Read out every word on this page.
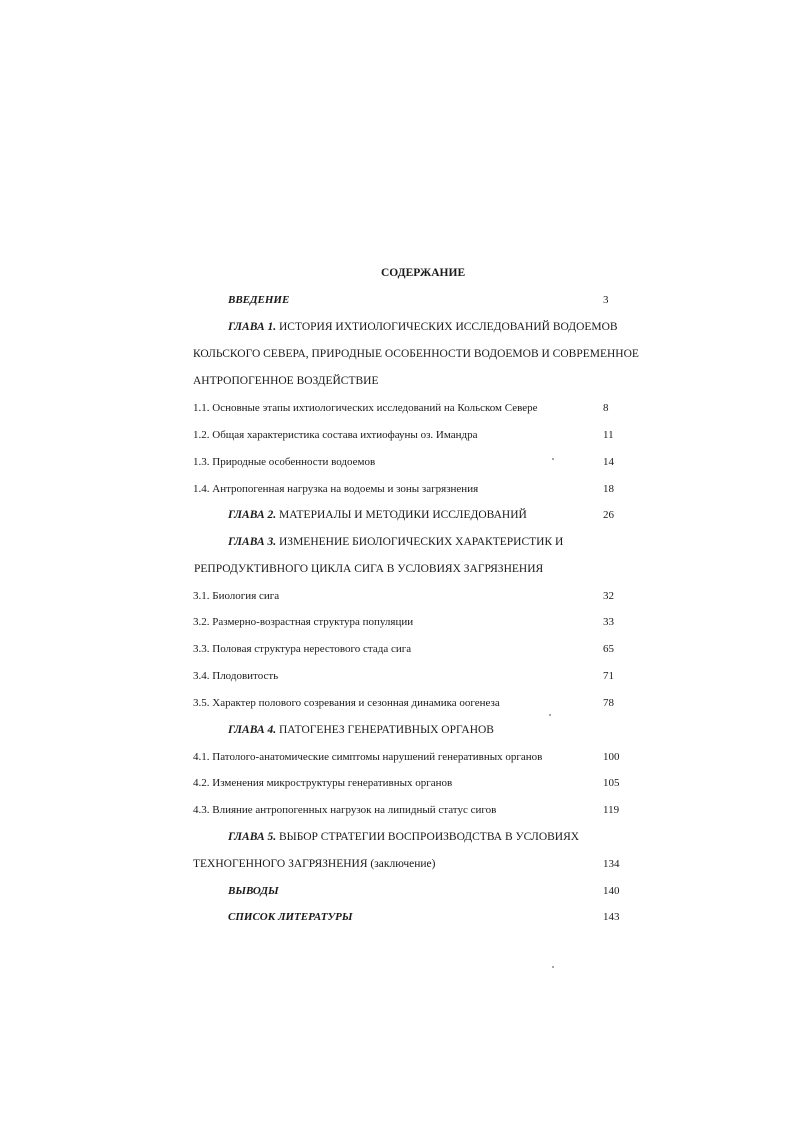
СОДЕРЖАНИЕ
ВВЕДЕНИЕ	3
ГЛАВА 1. ИСТОРИЯ ИХТИОЛОГИЧЕСКИХ ИССЛЕДОВАНИЙ ВОДОЕМОВ
КОЛЬСКОГО СЕВЕРА, ПРИРОДНЫЕ ОСОБЕННОСТИ ВОДОЕМОВ И СОВРЕМЕННОЕ
АНТРОПОГЕННОЕ ВОЗДЕЙСТВИЕ
1.1. Основные этапы ихтиологических исследований на Кольском Севере	8
1.2. Общая характеристика состава ихтиофауны оз. Имандра	11
1.3. Природные особенности водоемов	14
1.4. Антропогенная нагрузка на водоемы и зоны загрязнения	18
ГЛАВА 2. МАТЕРИАЛЫ И МЕТОДИКИ ИССЛЕДОВАНИЙ	26
ГЛАВА 3. ИЗМЕНЕНИЕ БИОЛОГИЧЕСКИХ ХАРАКТЕРИСТИК И
РЕПРОДУКТИВНОГО ЦИКЛА СИГА В УСЛОВИЯХ ЗАГРЯЗНЕНИЯ
3.1. Биология сига	32
3.2. Размерно-возрастная структура популяции	33
3.3. Половая структура нерестового стада сига	65
3.4. Плодовитость	71
3.5. Характер полового созревания и сезонная динамика оогенеза	78
ГЛАВА 4. ПАТОГЕНЕЗ ГЕНЕРАТИВНЫХ ОРГАНОВ
4.1. Патолого-анатомические симптомы нарушений генеративных органов	100
4.2. Изменения микроструктуры генеративных органов	105
4.3. Влияние антропогенных нагрузок на липидный статус сигов	119
ГЛАВА 5. ВЫБОР СТРАТЕГИИ ВОСПРОИЗВОДСТВА В УСЛОВИЯХ
ТЕХНОГЕННОГО ЗАГРЯЗНЕНИЯ (заключение)	134
ВЫВОДЫ	140
СПИСОК ЛИТЕРАТУРЫ	143
